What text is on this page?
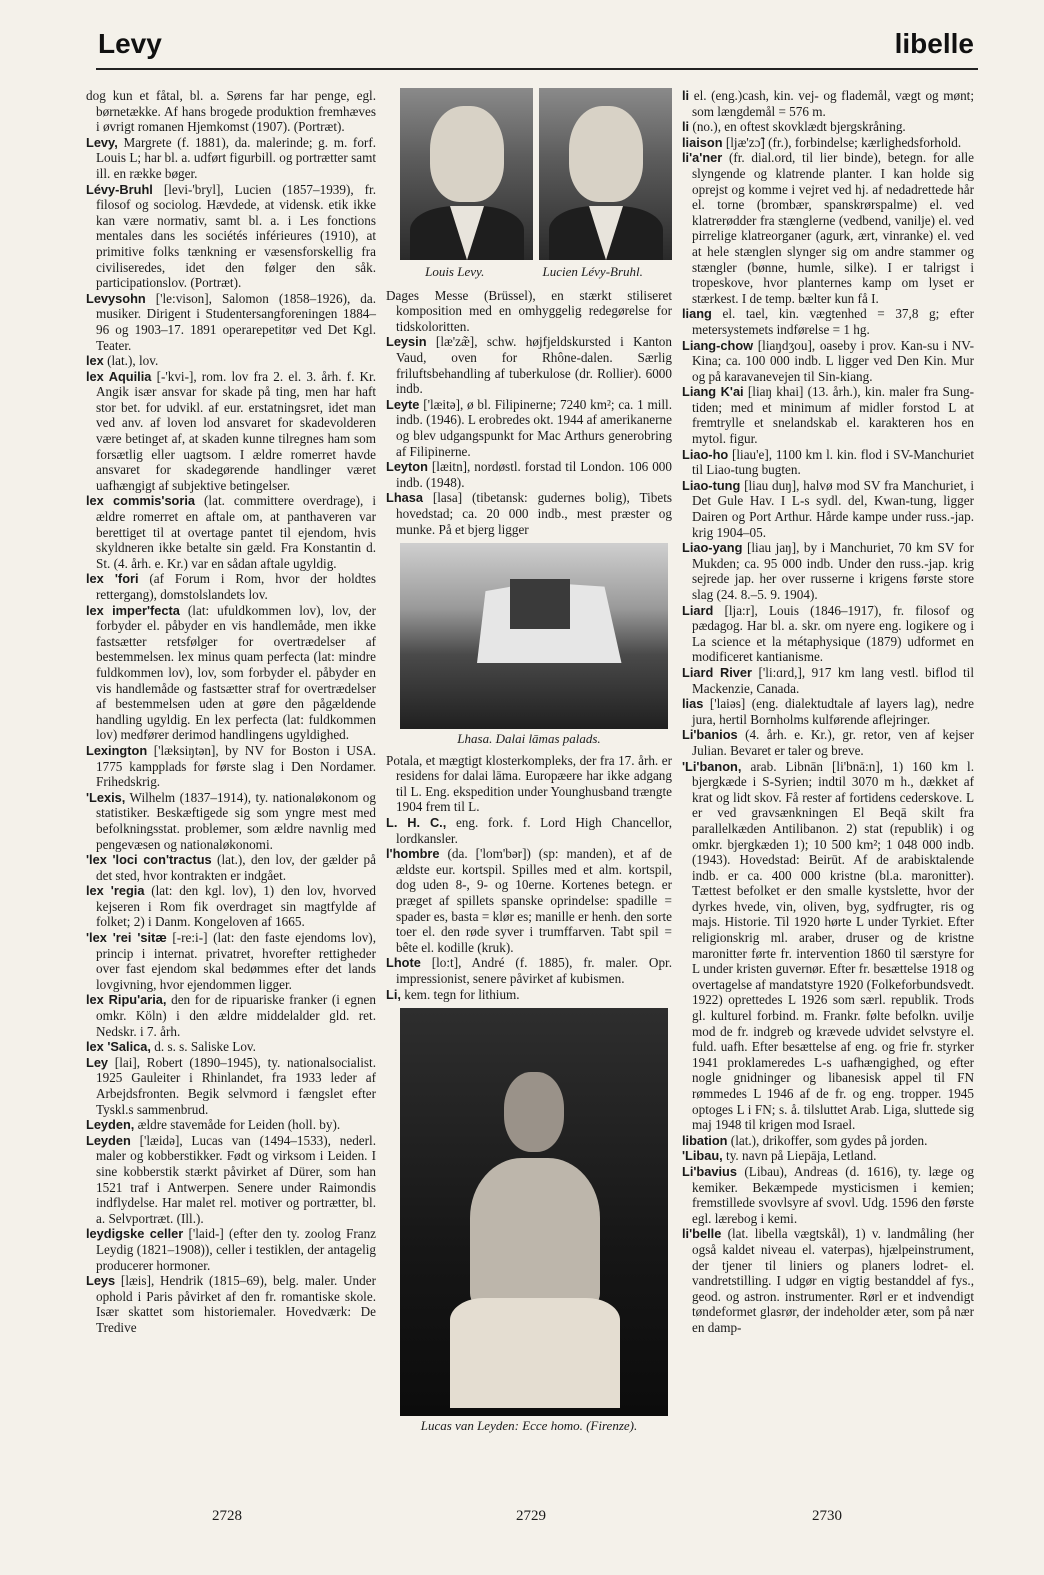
Levy	libelle

dog kun et fåtal, bl. a. Sørens far har penge, egl. børnetække. Af hans brogede produktion fremhæves i øvrigt romanen Hjemkomst (1907). (Portræt).

Levy, Margrete (f. 1881), da. malerinde; g. m. forf. Louis L; har bl. a. udført figurbill. og portrætter samt ill. en række bøger.

Lévy-Bruhl [levi-'bryl], Lucien (1857–1939), fr. filosof og sociolog. Hævdede, at vidensk. etik ikke kan være normativ, samt bl. a. i Les fonctions mentales dans les sociétés inférieures (1910), at primitive folks tænkning er væsensforskellig fra civiliseredes, idet den følger den såk. participationslov. (Portræt).

Levysohn ['le:vison], Salomon (1858–1926), da. musiker. Dirigent i Studentersangforeningen 1884–96 og 1903–17. 1891 operarepetitør ved Det Kgl. Teater.

lex (lat.), lov.

lex Aquilia [-'kvi-], rom. lov fra 2. el. 3. årh. f. Kr. Angik især ansvar for skade på ting, men har haft stor bet. for udvikl. af eur. erstatningsret, idet man ved anv. af loven lod ansvaret for skadevolderen være betinget af, at skaden kunne tilregnes ham som forsætlig eller uagtsom. I ældre romerret havde ansvaret for skadegørende handlinger været uafhængigt af subjektive betingelser.

lex commis'soria (lat. committere overdrage), i ældre romerret en aftale om, at panthaveren var berettiget til at overtage pantet til ejendom, hvis skyldneren ikke betalte sin gæld. Fra Konstantin d. St. (4. årh. e. Kr.) var en sådan aftale ugyldig.

lex 'fori (af Forum i Rom, hvor der holdtes rettergang), domstolslandets lov.

lex imper'fecta (lat: ufuldkommen lov), lov, der forbyder el. påbyder en vis handlemåde, men ikke fastsætter retsfølger for overtrædelser af bestemmelsen. lex minus quam perfecta (lat: mindre fuldkommen lov), lov, som forbyder el. påbyder en vis handlemåde og fastsætter straf for overtrædelser af bestemmelsen uden at gøre den pågældende handling ugyldig. En lex perfecta (lat: fuldkommen lov) medfører derimod handlingens ugyldighed.

Lexington ['læksiŋtən], by NV for Boston i USA. 1775 kampplads for første slag i Den Nordamer. Frihedskrig.

'Lexis, Wilhelm (1837–1914), ty. nationaløkonom og statistiker. Beskæftigede sig som yngre mest med befolkningsstat. problemer, som ældre navnlig med pengevæsen og nationaløkonomi.

'lex 'loci con'tractus (lat.), den lov, der gælder på det sted, hvor kontrakten er indgået.

lex 'regia (lat: den kgl. lov), 1) den lov, hvorved kejseren i Rom fik overdraget sin magtfylde af folket; 2) i Danm. Kongeloven af 1665.

'lex 'rei 'sitæ [-re:i-] (lat: den faste ejendoms lov), princip i internat. privatret, hvorefter rettigheder over fast ejendom skal bedømmes efter det lands lovgivning, hvor ejendommen ligger.

lex Ripu'aria, den for de ripuariske franker (i egnen omkr. Köln) i den ældre middelalder gld. ret. Nedskr. i 7. årh.

lex 'Salica, d. s. s. Saliske Lov.

Ley [lai], Robert (1890–1945), ty. nationalsocialist. 1925 Gauleiter i Rhinlandet, fra 1933 leder af Arbejdsfronten. Begik selvmord i fængslet efter Tyskl.s sammenbrud.

Leyden, ældre stavemåde for Leiden (holl. by).

Leyden ['læidə], Lucas van (1494–1533), nederl. maler og kobberstikker. Født og virksom i Leiden. I sine kobberstik stærkt påvirket af Dürer, som han 1521 traf i Antwerpen. Senere under Raimondis indflydelse. Har malet rel. motiver og portrætter, bl. a. Selvportræt. (Ill.).

leydigske celler ['laid-] (efter den ty. zoolog Franz Leydig (1821–1908)), celler i testiklen, der antagelig producerer hormoner.

Leys [læis], Hendrik (1815–69), belg. maler. Under ophold i Paris påvirket af den fr. romantiske skole. Især skattet som historiemaler. Hovedværk: De Tredive

Louis Levy.	Lucien Lévy-Bruhl.

Dages Messe (Brüssel), en stærkt stiliseret komposition med en omhyggelig redegørelse for tidskoloritten.

Leysin [læ'zæ̃], schw. højfjeldskursted i Kanton Vaud, oven for Rhône-dalen. Særlig friluftsbehandling af tuberkulose (dr. Rollier). 6000 indb.

Leyte ['læitə], ø bl. Filipinerne; 7240 km²; ca. 1 mill. indb. (1946). L erobredes okt. 1944 af amerikanerne og blev udgangspunkt for Mac Arthurs generobring af Filipinerne.

Leyton [læitn], nordøstl. forstad til London. 106 000 indb. (1948).

Lhasa [lasa] (tibetansk: gudernes bolig), Tibets hovedstad; ca. 20 000 indb., mest præster og munke. På et bjerg ligger

Lhasa. Dalai lāmas palads.

Potala, et mægtigt klosterkompleks, der fra 17. årh. er residens for dalai lāma. Europæere har ikke adgang til L. Eng. ekspedition under Younghusband trængte 1904 frem til L.

L. H. C., eng. fork. f. Lord High Chancellor, lordkansler.

l'hombre (da. ['lom'bər]) (sp: manden), et af de ældste eur. kortspil. Spilles med et alm. kortspil, dog uden 8-, 9- og 10erne. Kortenes betegn. er præget af spillets spanske oprindelse: spadille = spader es, basta = klør es; manille er henh. den sorte toer el. den røde syver i trumffarven. Tabt spil = bête el. kodille (kruk).

Lhote [lo:t], André (f. 1885), fr. maler. Opr. impressionist, senere påvirket af kubismen.

Li, kem. tegn for lithium.

Lucas van Leyden: Ecce homo. (Firenze).

li el. (eng.)cash, kin. vej- og flademål, vægt og mønt; som længdemål = 576 m.

li (no.), en oftest skovklædt bjergskråning.

liaison [ljæ'zɔ̃] (fr.), forbindelse; kærlighedsforhold.

li'a'ner (fr. dial.ord, til lier binde), betegn. for alle slyngende og klatrende planter. I kan holde sig oprejst og komme i vejret ved hj. af nedadrettede hår el. torne (brombær, spanskrørspalme) el. ved klatrerødder fra stænglerne (vedbend, vanilje) el. ved pirrelige klatreorganer (agurk, ært, vinranke) el. ved at hele stænglen slynger sig om andre stammer og stængler (bønne, humle, silke). I er talrigst i tropeskove, hvor planternes kamp om lyset er stærkest. I de temp. bælter kun få I.

liang el. tael, kin. vægtenhed = 37,8 g; efter metersystemets indførelse = 1 hg.

Liang-chow [liaŋdʒou], oaseby i prov. Kan-su i NV-Kina; ca. 100 000 indb. L ligger ved Den Kin. Mur og på karavanevejen til Sin-kiang.

Liang K'ai [liaŋ khai] (13. årh.), kin. maler fra Sung-tiden; med et minimum af midler forstod L at fremtrylle et snelandskab el. karakteren hos en mytol. figur.

Liao-ho [liau'e], 1100 km l. kin. flod i SV-Manchuriet til Liao-tung bugten.

Liao-tung [liau duŋ], halvø mod SV fra Manchuriet, i Det Gule Hav. I L-s sydl. del, Kwan-tung, ligger Dairen og Port Arthur. Hårde kampe under russ.-jap. krig 1904–05.

Liao-yang [liau jaŋ], by i Manchuriet, 70 km SV for Mukden; ca. 95 000 indb. Under den russ.-jap. krig sejrede jap. her over russerne i krigens første store slag (24. 8.–5. 9. 1904).

Liard [lja:r], Louis (1846–1917), fr. filosof og pædagog. Har bl. a. skr. om nyere eng. logikere og i La science et la métaphysique (1879) udformet en modificeret kantianisme.

Liard River ['li:ɑrd,], 917 km lang vestl. biflod til Mackenzie, Canada.

lias ['laiəs] (eng. dialektudtale af layers lag), nedre jura, hertil Bornholms kulførende aflejringer.

Li'banios (4. årh. e. Kr.), gr. retor, ven af kejser Julian. Bevaret er taler og breve.

'Li'banon, arab. Libnān [li'bnā:n], 1) 160 km l. bjergkæde i S-Syrien; indtil 3070 m h., dækket af krat og lidt skov. Få rester af fortidens cederskove. L er ved gravsænkningen El Beqā skilt fra parallelkæden Antilibanon. 2) stat (republik) i og omkr. bjergkæden 1); 10 500 km²; 1 048 000 indb. (1943). Hovedstad: Beirūt. Af de arabisktalende indb. er ca. 400 000 kristne (bl.a. maronitter). Tættest befolket er den smalle kystslette, hvor der dyrkes hvede, vin, oliven, byg, sydfrugter, ris og majs. Historie. Til 1920 hørte L under Tyrkiet. Efter religionskrig ml. araber, druser og de kristne maronitter førte fr. intervention 1860 til særstyre for L under kristen guvernør. Efter fr. besættelse 1918 og overtagelse af mandatstyre 1920 (Folkeforbundsvedt. 1922) oprettedes L 1926 som særl. republik. Trods gl. kulturel forbind. m. Frankr. følte befolkn. uvilje mod de fr. indgreb og krævede udvidet selvstyre el. fuld. uafh. Efter besættelse af eng. og frie fr. styrker 1941 proklameredes L-s uafhængighed, og efter nogle gnidninger og libanesisk appel til FN rømmedes L 1946 af de fr. og eng. tropper. 1945 optoges L i FN; s. å. tilsluttet Arab. Liga, sluttede sig maj 1948 til krigen mod Israel.

libation (lat.), drikoffer, som gydes på jorden.

'Libau, ty. navn på Liepāja, Letland.

Li'bavius (Libau), Andreas (d. 1616), ty. læge og kemiker. Bekæmpede mysticismen i kemien; fremstillede svovlsyre af svovl. Udg. 1596 den første egl. lærebog i kemi.

li'belle (lat. libella vægtskål), 1) v. landmåling (her også kaldet niveau el. vaterpas), hjælpeinstrument, der tjener til liniers og planers lodret- el. vandretstilling. I udgør en vigtig bestanddel af fys., geod. og astron. instrumenter. Rørl er et indvendigt tøndeformet glasrør, der indeholder æter, som på nær en damp-

2728	2729	2730
